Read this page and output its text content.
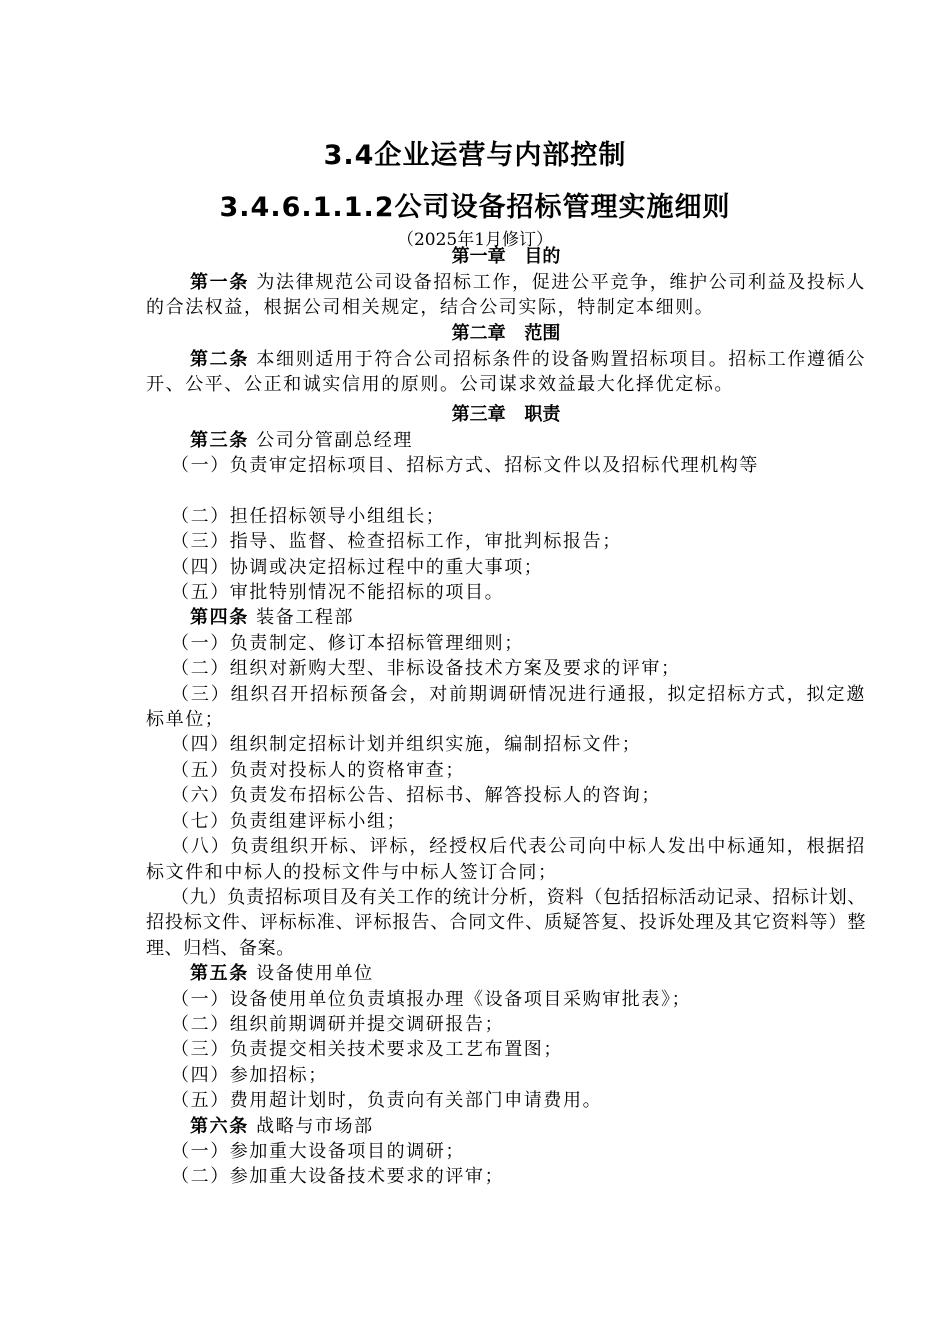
3.4企业运营与内部控制
3.4.6.1.1.2公司设备招标管理实施细则
（2025年1月修订）
第一章   目的

第一条 为法律规范公司设备招标工作，促进公平竞争，维护公司利益及投标人的合法权益，根据公司相关规定，结合公司实际，特制定本细则。

第二章   范围

第二条 本细则适用于符合公司招标条件的设备购置招标项目。招标工作遵循公开、公平、公正和诚实信用的原则。公司谋求效益最大化择优定标。

第三章   职责

第三条 公司分管副总经理

（一）负责审定招标项目、招标方式、招标文件以及招标代理机构等

（二）担任招标领导小组组长；

（三）指导、监督、检查招标工作，审批判标报告；

（四）协调或决定招标过程中的重大事项；

（五）审批特别情况不能招标的项目。

第四条 装备工程部

（一）负责制定、修订本招标管理细则；

（二）组织对新购大型、非标设备技术方案及要求的评审；

（三）组织召开招标预备会，对前期调研情况进行通报，拟定招标方式，拟定邀标单位；

（四）组织制定招标计划并组织实施，编制招标文件；

（五）负责对投标人的资格审查；

（六）负责发布招标公告、招标书、解答投标人的咨询；

（七）负责组建评标小组；

（八）负责组织开标、评标，经授权后代表公司向中标人发出中标通知，根据招标文件和中标人的投标文件与中标人签订合同；

（九）负责招标项目及有关工作的统计分析，资料（包括招标活动记录、招标计划、招投标文件、评标标准、评标报告、合同文件、质疑答复、投诉处理及其它资料等）整理、归档、备案。

第五条 设备使用单位

（一）设备使用单位负责填报办理《设备项目采购审批表》；

（二）组织前期调研并提交调研报告；

（三）负责提交相关技术要求及工艺布置图；

（四）参加招标；

（五）费用超计划时，负责向有关部门申请费用。

第六条 战略与市场部

（一）参加重大设备项目的调研；

（二）参加重大设备技术要求的评审；
